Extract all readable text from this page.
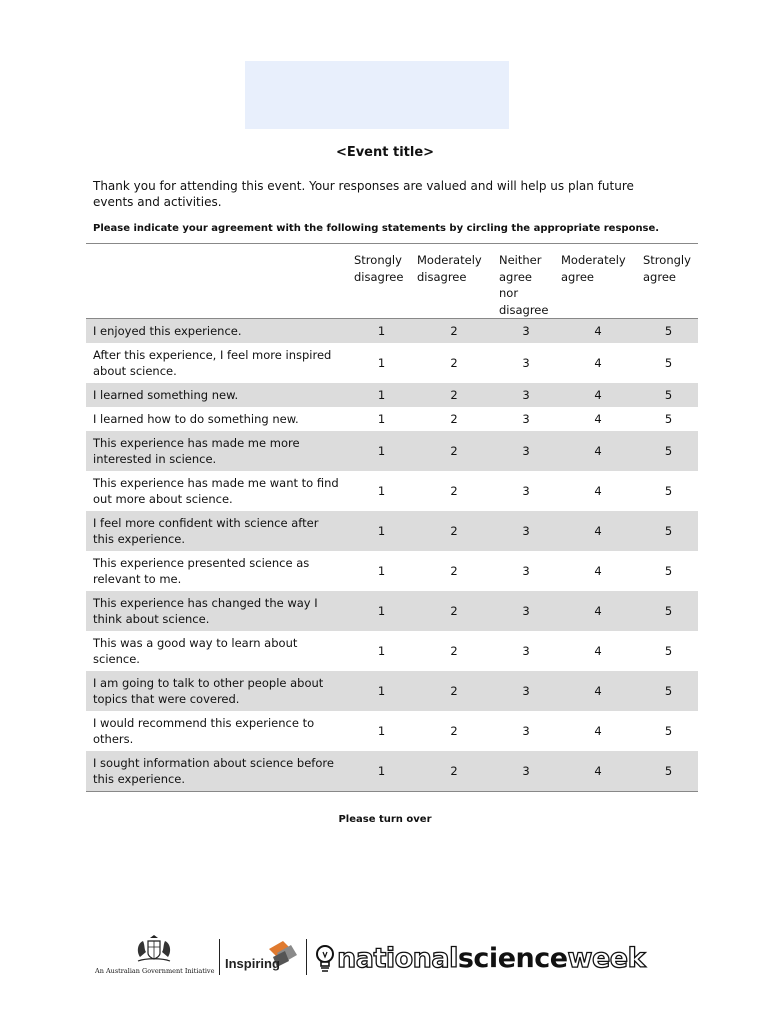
<Event title>
Thank you for attending this event. Your responses are valued and will help us plan future events and activities.
Please indicate your agreement with the following statements by circling the appropriate response.
	Strongly disagree	Moderately disagree	Neither agree nor disagree	Moderately agree	Strongly agree
I enjoyed this experience.	1	2	3	4	5
After this experience, I feel more inspired about science.	1	2	3	4	5
I learned something new.	1	2	3	4	5
I learned how to do something new.	1	2	3	4	5
This experience has made me more interested in science.	1	2	3	4	5
This experience has made me want to find out more about science.	1	2	3	4	5
I feel more confident with science after this experience.	1	2	3	4	5
This experience presented science as relevant to me.	1	2	3	4	5
This experience has changed the way I think about science.	1	2	3	4	5
This was a good way to learn about science.	1	2	3	4	5
I am going to talk to other people about topics that were covered.	1	2	3	4	5
I would recommend this experience to others.	1	2	3	4	5
I sought information about science before this experience.	1	2	3	4	5
Please turn over
An Australian Government Initiative Inspiring nationalscienceweek
